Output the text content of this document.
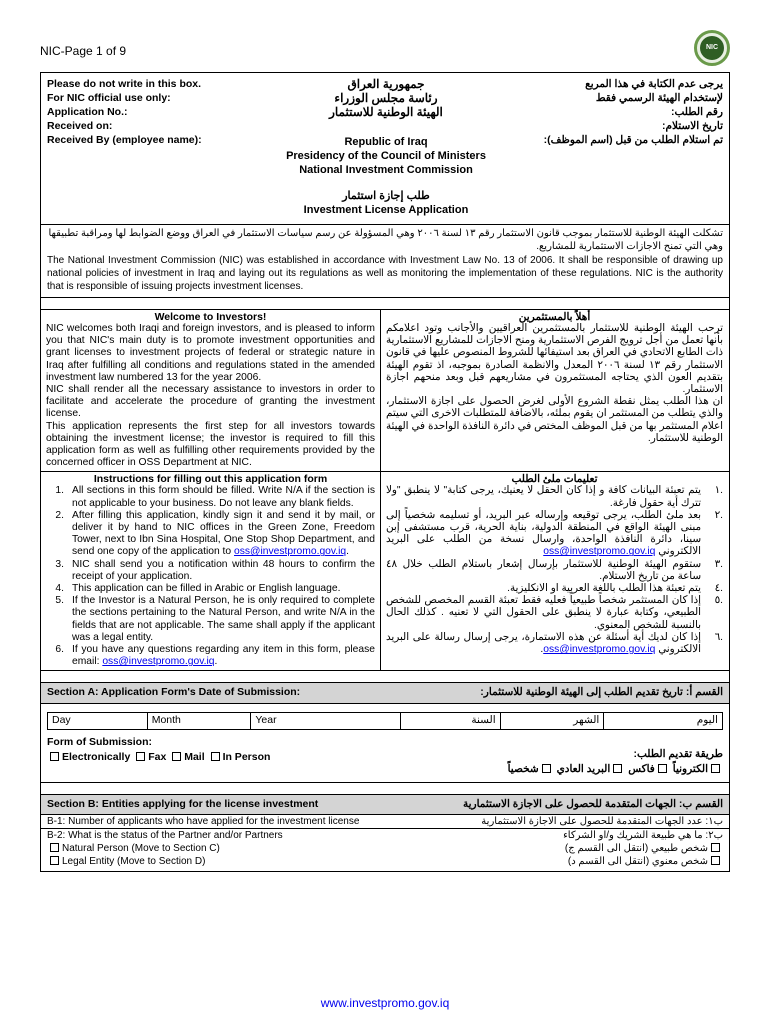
NIC-Page 1 of 9	NIC
Please do not write in this box.
For NIC official use only:
Application No.:
Received on:
Received By (employee name):
جمهورية العراق
رئاسة مجلس الوزراء
الهيئة الوطنية للاستثمار
Republic of Iraq
Presidency of the Council of Ministers
National Investment Commission
طلب إجازة استثمار
Investment License Application
يرجى عدم الكتابة في هذا المربع
لإستخدام الهيئة الرسمي فقط
رقم الطلب:
تاريخ الاستلام:
تم استلام الطلب من قبل (اسم الموظف):

تشكلت الهيئة الوطنية للاستثمار بموجب قانون الاستثمار رقم ١٣ لسنة ٢٠٠٦ وهي المسؤولة عن رسم سياسات الاستثمار في العراق ووضع الضوابط لها ومراقبة تطبيقها وهي التي تمنح الاجازات الاستثمارية للمشاريع.

The National Investment Commission (NIC) was established in accordance with Investment Law No. 13 of 2006. It shall be responsible of drawing up national policies of investment in Iraq and laying out its regulations as well as monitoring the implementation of these regulations. NIC is the authority that is responsible of issuing projects investment licenses.

Welcome to Investors!

NIC welcomes both Iraqi and foreign investors, and is pleased to inform you that NIC's main duty is to promote investment opportunities and grant licenses to investment projects of federal or strategic nature in Iraq after fulfilling all conditions and regulations stated in the amended investment law numbered 13 for the year 2006.

NIC shall render all the necessary assistance to investors in order to facilitate and accelerate the procedure of granting the investment license.

This application represents the first step for all investors towards obtaining the investment license; the investor is required to fill this application form as well as fulfilling other requirements provided by the concerned officer in OSS Department at NIC.

أهلاً بالمستثمرين

ترحب الهيئة الوطنية للاستثمار بالمستثمرين العراقيين والأجانب وتود اعلامكم بأنها تعمل من أجل ترويج الفرص الاستثمارية ومنح الاجازات للمشاريع الاستثمارية ذات الطابع الاتحادي في العراق بعد استيفائها للشروط المنصوص عليها في قانون الاستثمار رقم ١٣ لسنة ٢٠٠٦ المعدل والانظمة الصادرة بموجبه، اذ تقوم الهيئة بتقديم العون الذي يحتاجه المستثمرون في مشاريعهم قبل وبعد منحهم اجازة الاستثمار.

ان هذا الطلب يمثل نقطة الشروع الأولى لغرض الحصول على اجازة الاستثمار، والذي يتطلب من المستثمر ان يقوم بملئه، بالاضافة للمتطلبات الاخرى التي سيتم اعلام المستثمر بها من قبل الموظف المختص في دائرة النافذة الواحدة في الهيئة الوطنية للاستثمار.

Instructions for filling out this application form
1. All sections in this form should be filled. Write N/A if the section is not applicable to your business. Do not leave any blank fields.
2. After filling this application, kindly sign it and send it by mail, or deliver it by hand to NIC offices in the Green Zone, Freedom Tower, next to Ibn Sina Hospital, One Stop Shop Department, and send one copy of the application to oss@investpromo.gov.iq.
3. NIC shall send you a notification within 48 hours to confirm the receipt of your application.
4. This application can be filled in Arabic or English language.
5. If the Investor is a Natural Person, he is only required to complete the sections pertaining to the Natural Person, and write N/A in the fields that are not applicable. The same shall apply if the applicant was a legal entity.
6. If you have any questions regarding any item in this form, please email: oss@investpromo.gov.iq.
تعليمات ملئ الطلب
.١
يتم تعبئة البيانات كافة و إذا كان الحقل لا يعنيك، يرجى كتابة" لا ينطبق "ولا تترك أية حقول فارغة.
.٢
بعد ملئ الطلب، يرجى توقيعه وإرساله عبر البريد، أو تسليمه شخصياً إلى مبنى الهيئة الواقع في المنطقة الدولية، بناية الحرية، قرب مستشفى إبن سينا، دائرة النافذة الواحدة، وارسال نسخة من الطلب على البريد الالكتروني oss@investpromo.gov.iq
.٣
ستقوم الهيئة الوطنية للاستثمار بإرسال إشعار باستلام الطلب خلال ٤٨ ساعة من تاريخ الاستلام.
.٤
يتم تعبئة هذا الطلب باللغة العربية او الانكليزية.
.٥
إذا كان المستثمر شخصاً طبيعياً فعليه فقط تعبئة القسم المخصص للشخص الطبيعي، وكتابة عبارة لا ينطبق على الحقول التي لا تعنيه . كذلك الحال بالنسبة للشخص المعنوي.
.٦
إذا كان لديك أية أسئلة عن هذه الاستمارة، يرجى إرسال رسالة على البريد الالكتروني oss@investpromo.gov.iq.
Section A: Application Form's Date of Submission:	القسم أ: تاريخ تقديم الطلب إلى الهيئة الوطنية للاستثمار:
Day	Month	Year	السنة	الشهر	اليوم
Form of Submission:
Electronically Fax Mail In Person	طريقة تقديم الطلب:
الكترونياً فاكس البريد العادي شخصياً
Section B: Entities applying for the license investment	القسم ب: الجهات المتقدمة للحصول على الاجازة الاستثمارية
B-1: Number of applicants who have applied for the investment license	ب١: عدد الجهات المتقدمة للحصول على الاجازة الاستثمارية
B-2: What is the status of the Partner and/or Partners	ب٢: ما هي طبيعة الشريك و/او الشركاء
Natural Person (Move to Section C)	شخص طبيعي (انتقل الى القسم ج)
Legal Entity (Move to Section D)	شخص معنوي (انتقل الى القسم د)
www.investpromo.gov.iq
